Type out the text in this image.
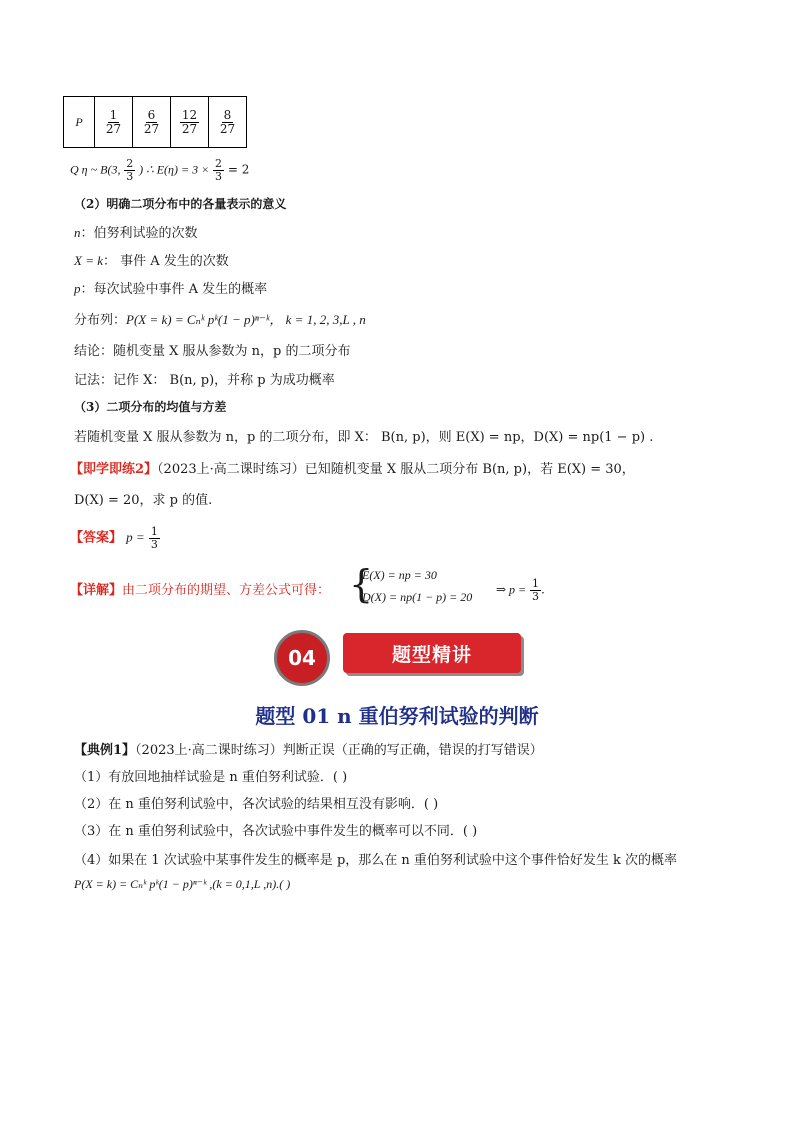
P	$\frac{1}{27}$	$\frac{6}{27}$	$\frac{12}{27}$	$\frac{8}{27}$
Q η ~ B(3, $\frac{2}{3}$ ) ∴ $E(\eta) = 3 \times \frac{2}{3} = 2$
（2）明确二项分布中的各量表示的意义
n：伯努利试验的次数
X = k： 事件 A 发生的次数
p：每次试验中事件 A 发生的概率
分布列：P(X = k) = Cₙᵏ pᵏ(1 − p)ⁿ⁻ᵏ， k = 1, 2, 3,L , n
结论：随机变量 X 服从参数为 n，p 的二项分布
记法：记作 X： B(n, p)，并称 p 为成功概率
（3）二项分布的均值与方差
若随机变量 X 服从参数为 n，p 的二项分布，即 X： B(n, p)，则 E(X) = np，D(X) = np(1 − p) .
【即学即练2】（2023上·高二课时练习）已知随机变量 X 服从二项分布 B(n, p)，若 E(X) = 30，
D(X) = 20，求 p 的值.
【答案】 $p = \frac{1}{3}$
【详解】由二项分布的期望、方差公式可得： {
E(X) = np = 30
D(X) = np(1 − p) = 20
⇒ $p = \frac{1}{3}$ .
04	题型精讲
题型 01 n 重伯努利试验的判断
【典例1】（2023上·高二课时练习）判断正误（正确的写正确，错误的打写错误）
（1）有放回地抽样试验是 n 重伯努利试验．( )
（2）在 n 重伯努利试验中，各次试验的结果相互没有影响．( )
（3）在 n 重伯努利试验中，各次试验中事件发生的概率可以不同．( )
（4）如果在 1 次试验中某事件发生的概率是 p，那么在 n 重伯努利试验中这个事件恰好发生 k 次的概率
P(X = k) = Cₙᵏ pᵏ(1 − p)ⁿ⁻ᵏ ,(k = 0,1,L ,n).( )
